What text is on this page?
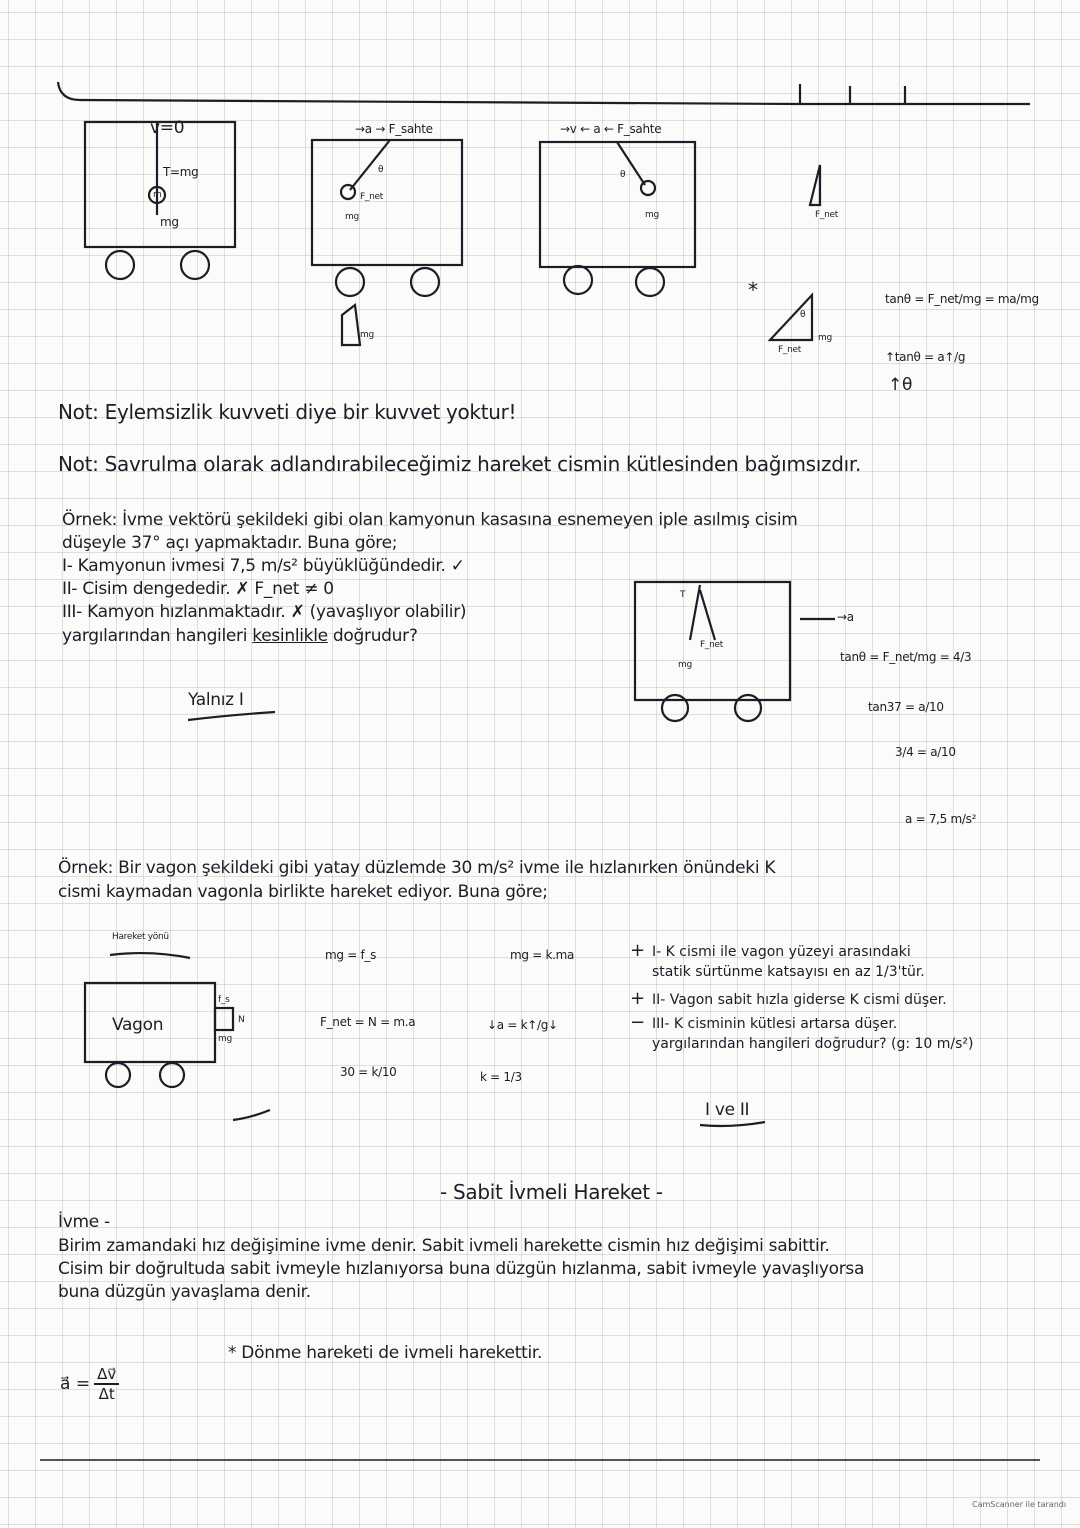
v=0
T=mg
m
mg
→a → F_sahte
θ
F_net
mg
→v ← a ← F_sahte
θ
mg	F_net
mg
θ
mg
F_net
*	tanθ = F_net/mg = ma/mg
↑tanθ = a↑/g
↑θ
Not: Eylemsizlik kuvveti diye bir kuvvet yoktur!
Not: Savrulma olarak adlandırabileceğimiz hareket cismin kütlesinden bağımsızdır.
Örnek: İvme vektörü şekildeki gibi olan kamyonun kasasına esnemeyen iple asılmış cisim
düşeyle 37° açı yapmaktadır. Buna göre;
I- Kamyonun ivmesi 7,5 m/s² büyüklüğündedir. ✓
II- Cisim dengededir. ✗ F_net ≠ 0
III- Kamyon hızlanmaktadır. ✗ (yavaşlıyor olabilir)
yargılarından hangileri kesinlikle doğrudur?
Yalnız I
→a
T
F_net
mg
tanθ = F_net/mg = 4/3
tan37 = a/10
3/4 = a/10
a = 7,5 m/s²
Örnek: Bir vagon şekildeki gibi yatay düzlemde 30 m/s² ivme ile hızlanırken önündeki K
cismi kaymadan vagonla birlikte hareket ediyor. Buna göre;
Hareket yönü
Vagon
f_s
N
mg
mg = f_s
F_net = N = m.a
30 = k/10
mg = k.ma
↓a = k↑/g↓
k = 1/3
+ I- K cismi ile vagon yüzeyi arasındaki
statik sürtünme katsayısı en az 1/3'tür.
+ II- Vagon sabit hızla giderse K cismi düşer.
− III- K cisminin kütlesi artarsa düşer.
yargılarından hangileri doğrudur? (g: 10 m/s²)
I ve II
- Sabit İvmeli Hareket -
İvme -
Birim zamandaki hız değişimine ivme denir. Sabit ivmeli harekette cismin hız değişimi sabittir.
Cisim bir doğrultuda sabit ivmeyle hızlanıyorsa buna düzgün hızlanma, sabit ivmeyle yavaşlıyorsa
buna düzgün yavaşlama denir.
* Dönme hareketi de ivmeli harekettir.
a⃗ = $\frac{\Delta v⃗}{\Delta t}$
CamScanner ile tarandı
